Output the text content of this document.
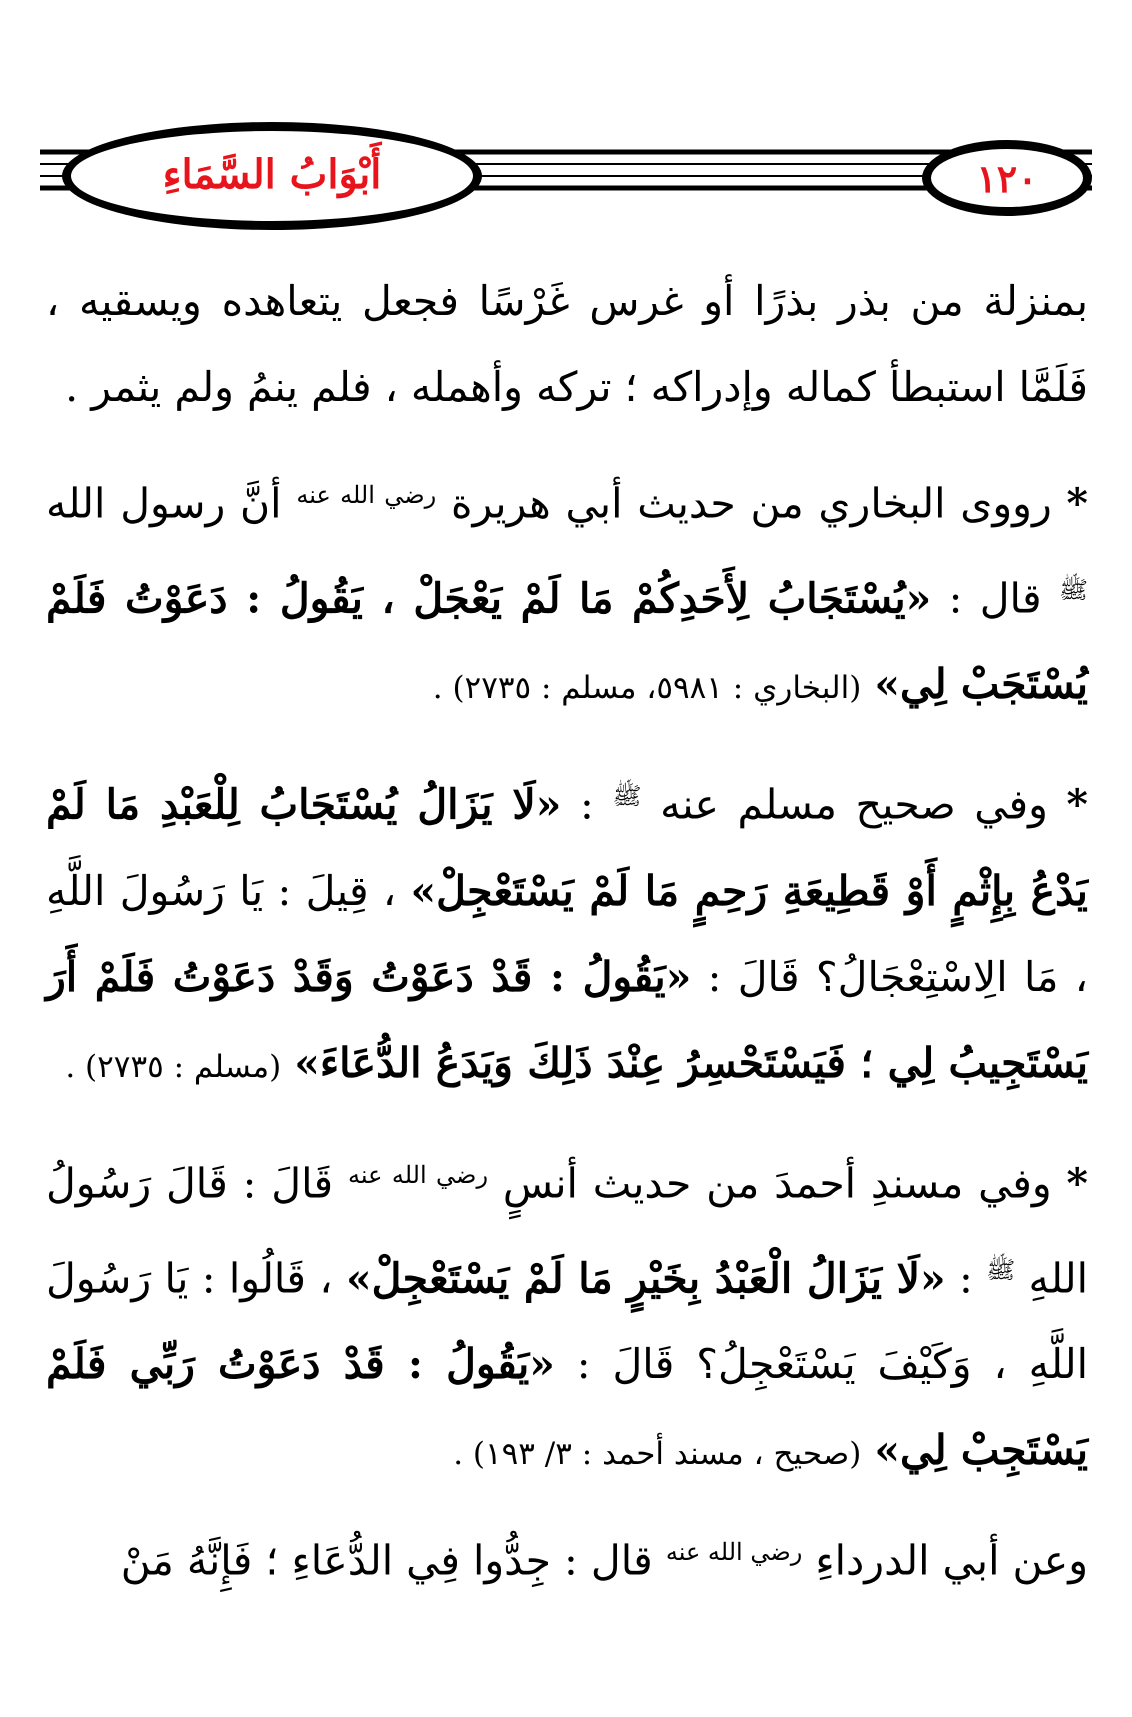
أَبْوَابُ السَّمَاءِ	١٢٠

بمنزلة من بذر بذرًا أو غرس غَرْسًا فجعل يتعاهده ويسقيه ، فَلَمَّا استبطأ كماله وإدراكه ؛ تركه وأهمله ، فلم ينمُ ولم يثمر .

* رووى البخاري من حديث أبي هريرة $^{رضي الله عنه}$ أنَّ رسول الله $^ﷺ$ قال : «يُسْتَجَابُ لِأَحَدِكُمْ مَا لَمْ يَعْجَلْ ، يَقُولُ : دَعَوْتُ فَلَمْ يُسْتَجَبْ لِي» (البخاري : ٥٩٨١، مسلم : ٢٧٣٥) .

* وفي صحيح مسلم عنه $^ﷺ$ : «لَا يَزَالُ يُسْتَجَابُ لِلْعَبْدِ مَا لَمْ يَدْعُ بِإِثْمٍ أَوْ قَطِيعَةِ رَحِمٍ مَا لَمْ يَسْتَعْجِلْ» ، قِيلَ : يَا رَسُولَ اللَّهِ ، مَا الِاسْتِعْجَالُ؟ قَالَ : «يَقُولُ : قَدْ دَعَوْتُ وَقَدْ دَعَوْتُ فَلَمْ أَرَ يَسْتَجِيبُ لِي ؛ فَيَسْتَحْسِرُ عِنْدَ ذَلِكَ وَيَدَعُ الدُّعَاءَ» (مسلم : ٢٧٣٥) .

* وفي مسندِ أحمدَ من حديث أنسٍ $^{رضي الله عنه}$ قَالَ : قَالَ رَسُولُ اللهِ $^ﷺ$ : «لَا يَزَالُ الْعَبْدُ بِخَيْرٍ مَا لَمْ يَسْتَعْجِلْ» ، قَالُوا : يَا رَسُولَ اللَّهِ ، وَكَيْفَ يَسْتَعْجِلُ؟ قَالَ : «يَقُولُ : قَدْ دَعَوْتُ رَبِّي فَلَمْ يَسْتَجِبْ لِي» (صحيح ، مسند أحمد : ٣/ ١٩٣) .

وعن أبي الدرداءِ $^{رضي الله عنه}$ قال : جِدُّوا فِي الدُّعَاءِ ؛ فَإِنَّهُ مَنْ
